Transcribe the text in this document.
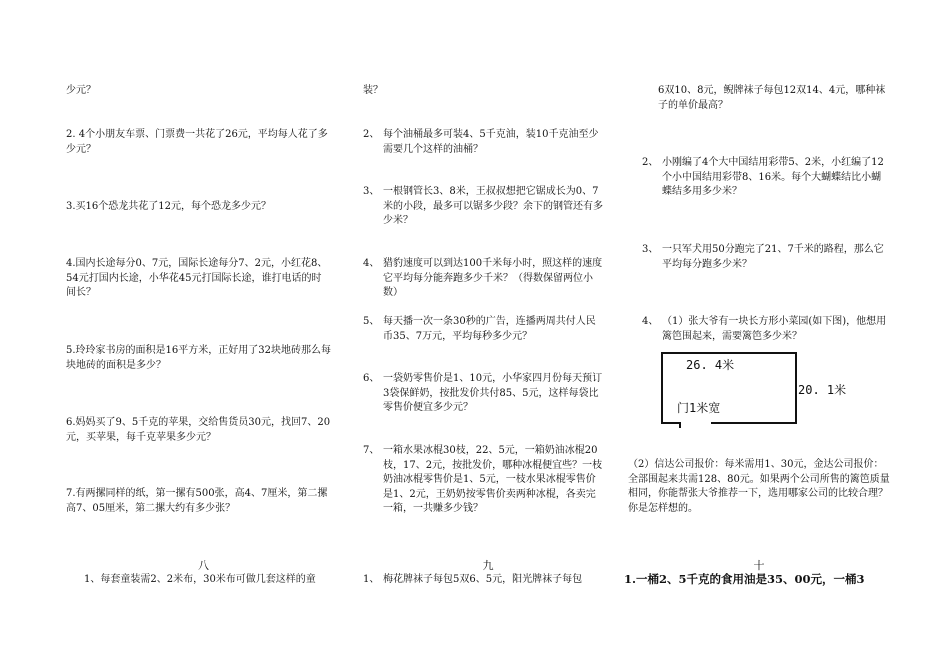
少元？
2. 4个小朋友车票、门票费一共花了26元，平均每人花了多少元？
3.买16个恐龙共花了12元，每个恐龙多少元？
4.国内长途每分0、7元，国际长途每分7、2元，小红花8、54元打国内长途，小华花45元打国际长途，谁打电话的时间长？
5.玲玲家书房的面积是16平方米，正好用了32块地砖那么每块地砖的面积是多少？
6.妈妈买了9、5千克的苹果，交给售货员30元，找回7、20元，买苹果，每千克苹果多少元？
7.有两摞同样的纸，第一摞有500张，高4、7厘米，第二摞高7、05厘米，第二摞大约有多少张？
八
1、每套童装需2、2米布，30米布可做几套这样的童
装？
2、 每个油桶最多可装4、5千克油，装10千克油至少需要几个这样的油桶？
3、 一根钢管长3、8米，王叔叔想把它锯成长为0、7米的小段，最多可以锯多少段？余下的钢管还有多少米？
4、 猎豹速度可以到达100千米每小时，照这样的速度它平均每分能奔跑多少千米？（得数保留两位小数）
5、 每天播一次一条30秒的广告，连播两周共付人民币35、7万元，平均每秒多少元？
6、 一袋奶零售价是1、10元，小华家四月份每天预订3袋保鲜奶，按批发价共付85、5元，这样每袋比零售价便宜多少元？
7、 一箱水果冰棍30枝，22、5元，一箱奶油冰棍20枝，17、2元，按批发价，哪种冰棍便宜些？一枝奶油冰棍零售价是1、5元，一枝水果冰棍零售价是1、2元，王奶奶按零售价卖两种冰棍，各卖完一箱，一共赚多少钱？
九
1、 梅花牌袜子每包5双6、5元，阳光牌袜子每包
6双10、8元，鲵牌袜子每包12双14、4元，哪种袜子的单价最高？
2、 小刚编了4个大中国结用彩带5、2米，小红编了12个小中国结用彩带8、16米。每个大蝴蝶结比小蝴蝶结多用多少米？
3、 一只军犬用50分跑完了21、7千米的路程，那么它平均每分跑多少米？
4、 （1）张大爷有一块长方形小菜园(如下图)，他想用篱笆围起来，需要篱笆多少米？
（2）信达公司报价：每米需用1、30元，金达公司报价：全部围起来共需128、80元。如果两个公司所售的篱笆质量相同，你能帮张大爷推荐一下，选用哪家公司的比较合理？你是怎样想的。
十
1.一桶2、5千克的食用油是35、00元，一桶3
26. 4米
20. 1米
门1米宽
